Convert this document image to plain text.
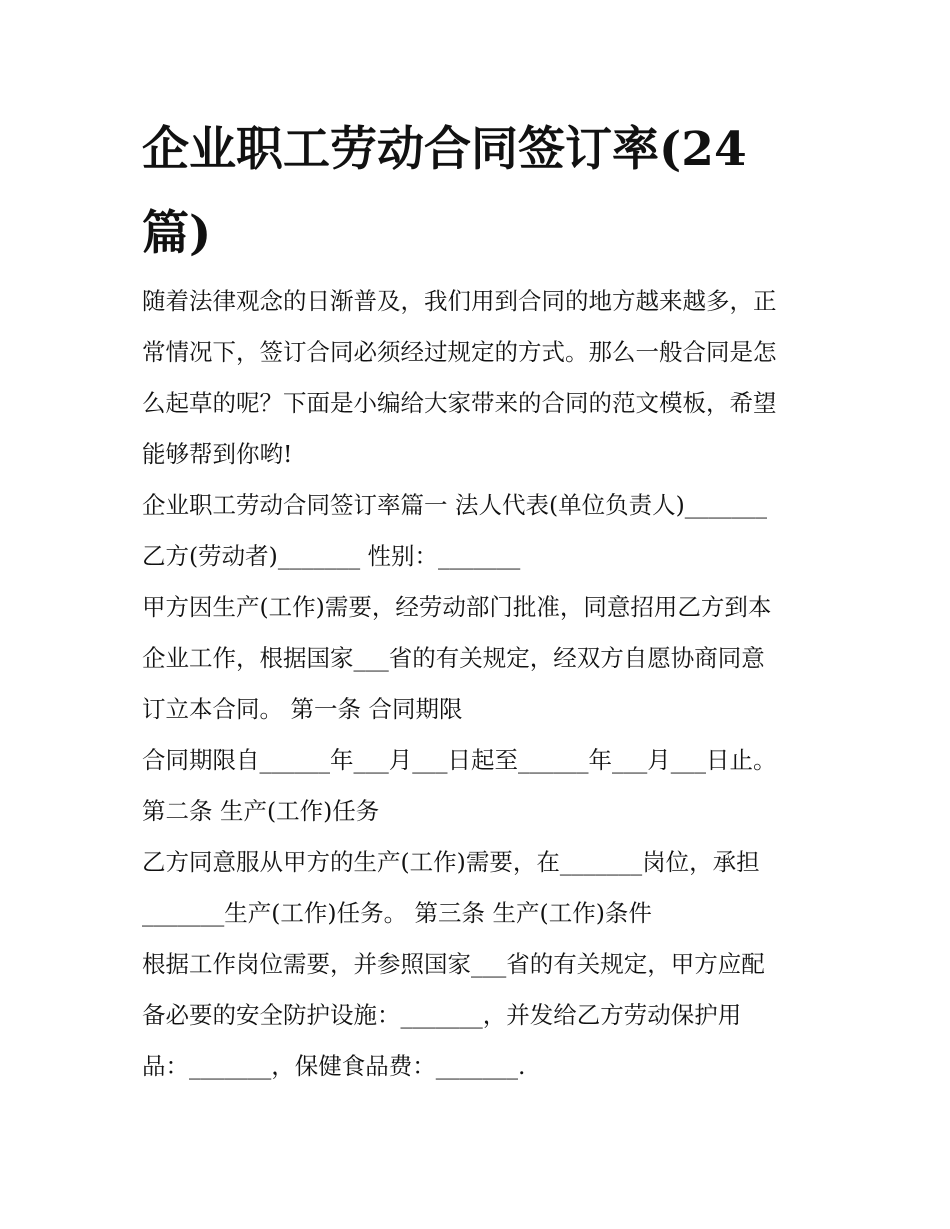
企业职工劳动合同签订率(24
篇)
随着法律观念的日渐普及，我们用到合同的地方越来越多，正
常情况下，签订合同必须经过规定的方式。那么一般合同是怎
么起草的呢？下面是小编给大家带来的合同的范文模板，希望
能够帮到你哟!
企业职工劳动合同签订率篇一 法人代表(单位负责人)_______
乙方(劳动者)_______ 性别：_______
甲方因生产(工作)需要，经劳动部门批准，同意招用乙方到本
企业工作，根据国家___省的有关规定，经双方自愿协商同意
订立本合同。 第一条 合同期限
合同期限自______年___月___日起至______年___月___日止。
第二条 生产(工作)任务
乙方同意服从甲方的生产(工作)需要，在_______岗位，承担
_______生产(工作)任务。 第三条 生产(工作)条件
根据工作岗位需要，并参照国家___省的有关规定，甲方应配
备必要的安全防护设施：_______，并发给乙方劳动保护用
品：_______，保健食品费：_______.
